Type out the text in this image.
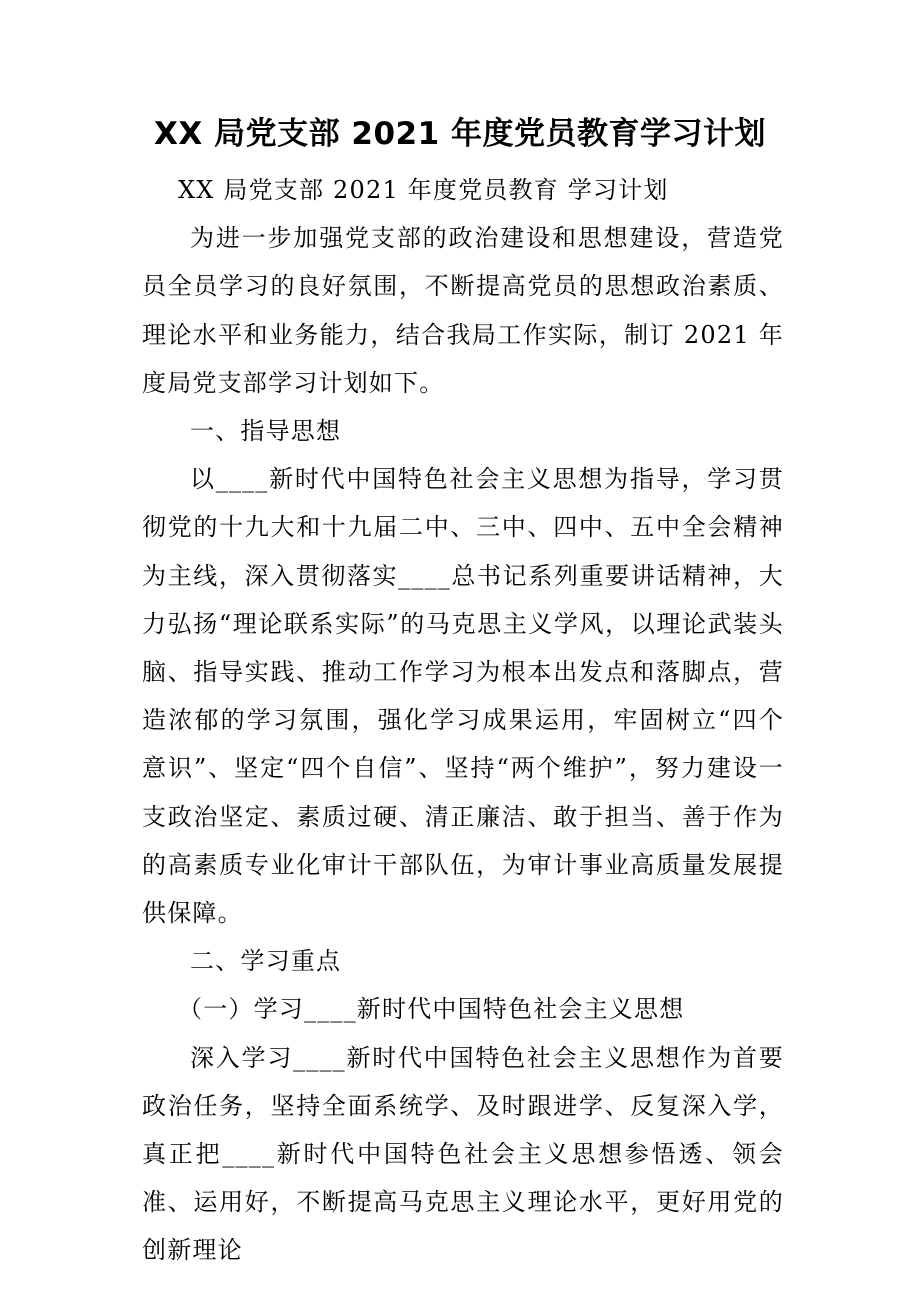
XX 局党支部 2021 年度党员教育学习计划

XX 局党支部 2021 年度党员教育 学习计划

为进一步加强党支部的政治建设和思想建设，营造党员全员学习的良好氛围，不断提高党员的思想政治素质、理论水平和业务能力，结合我局工作实际，制订 2021 年度局党支部学习计划如下。

一、指导思想

以____新时代中国特色社会主义思想为指导，学习贯彻党的十九大和十九届二中、三中、四中、五中全会精神为主线，深入贯彻落实____总书记系列重要讲话精神，大力弘扬“理论联系实际”的马克思主义学风，以理论武装头脑、指导实践、推动工作学习为根本出发点和落脚点，营造浓郁的学习氛围，强化学习成果运用，牢固树立“四个意识”、坚定“四个自信”、坚持“两个维护”，努力建设一支政治坚定、素质过硬、清正廉洁、敢于担当、善于作为的高素质专业化审计干部队伍，为审计事业高质量发展提供保障。

二、学习重点

（一）学习____新时代中国特色社会主义思想

深入学习____新时代中国特色社会主义思想作为首要政治任务，坚持全面系统学、及时跟进学、反复深入学，真正把____新时代中国特色社会主义思想参悟透、领会准、运用好，不断提高马克思主义理论水平，更好用党的创新理论
